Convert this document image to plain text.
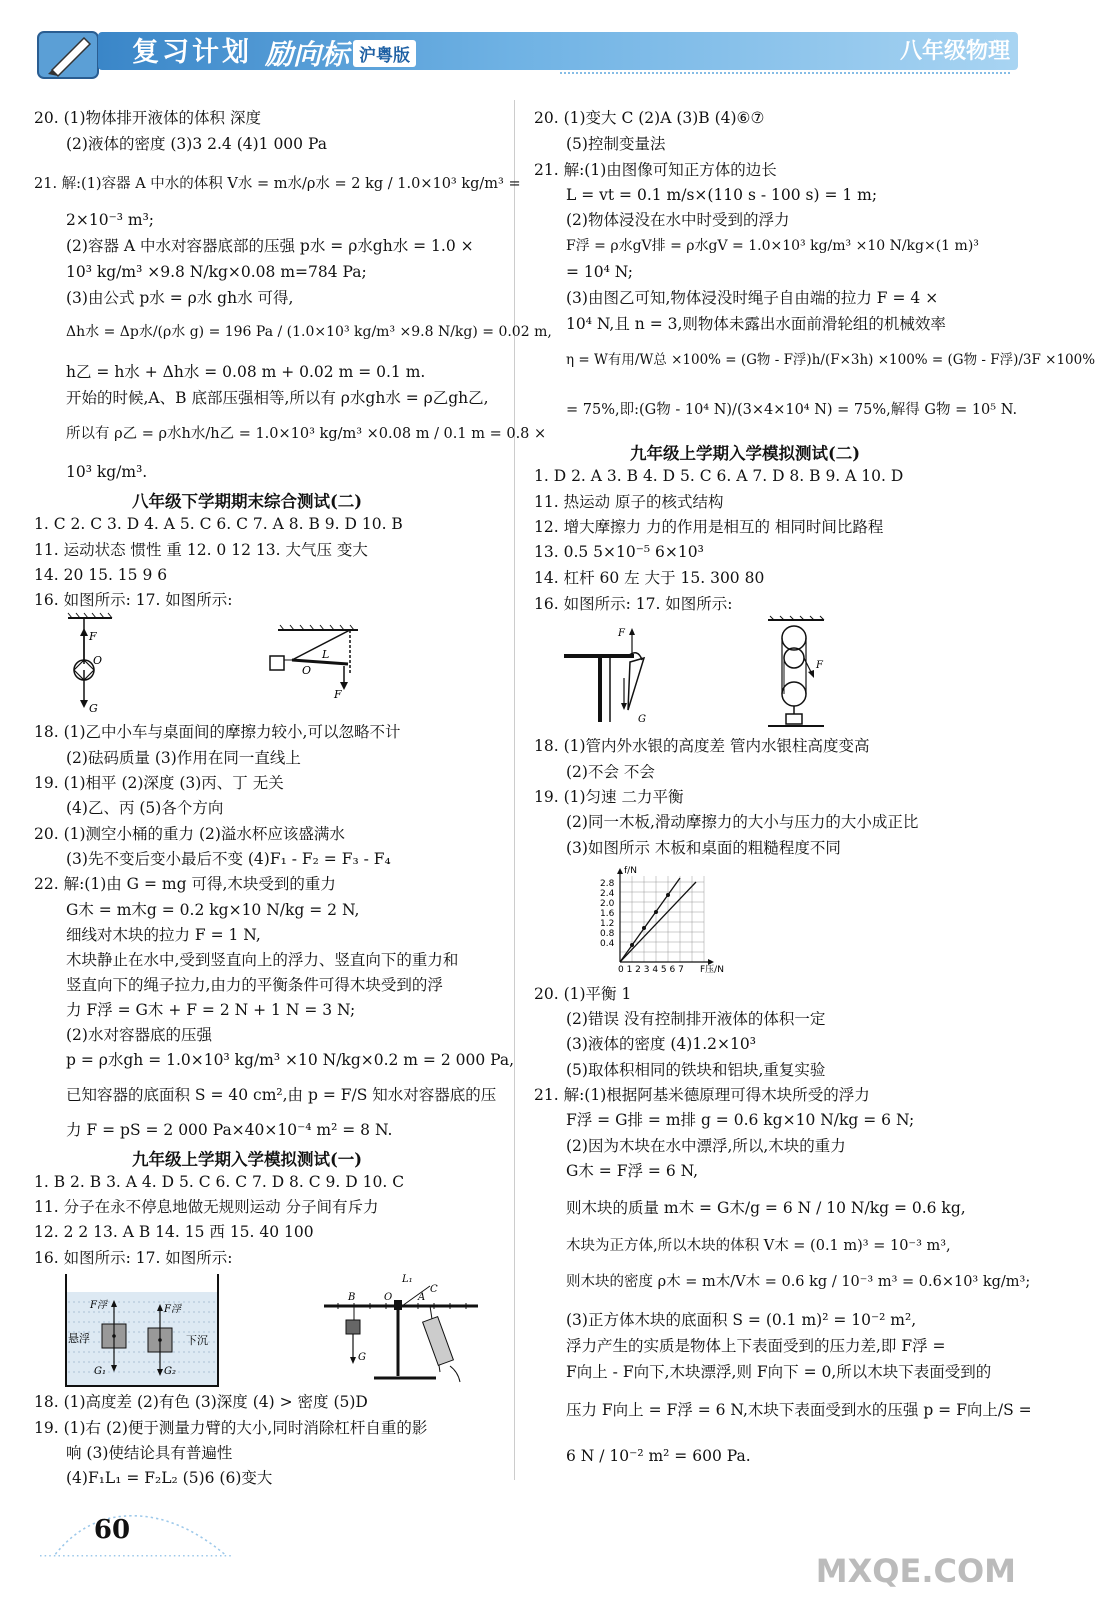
复习计划 励向标 沪粤版	八年级物理
20. (1)物体排开液体的体积 深度
(2)液体的密度 (3)3 2.4 (4)1 000 Pa
21. 解:(1)容器 A 中水的体积 V水 = m水/ρ水 = 2 kg / 1.0×10³ kg/m³ =
2×10⁻³ m³;
(2)容器 A 中水对容器底部的压强 p水 = ρ水gh水 = 1.0 ×
10³ kg/m³ ×9.8 N/kg×0.08 m=784 Pa;
(3)由公式 p水 = ρ水 gh水 可得,
Δh水 = Δp水/(ρ水 g) = 196 Pa / (1.0×10³ kg/m³ ×9.8 N/kg) = 0.02 m,
h乙 = h水 + Δh水 = 0.08 m + 0.02 m = 0.1 m.
开始的时候,A、B 底部压强相等,所以有 ρ水gh水 = ρ乙gh乙,
所以有 ρ乙 = ρ水h水/h乙 = 1.0×10³ kg/m³ ×0.08 m / 0.1 m = 0.8 ×
10³ kg/m³.
八年级下学期期末综合测试(二)
1. C 2. C 3. D 4. A 5. C 6. C 7. A 8. B 9. D 10. B
11. 运动状态 惯性 重 12. 0 12 13. 大气压 变大
14. 20 15. 15 9 6
16. 如图所示: 17. 如图所示:
F
O
G
L
O
F
18. (1)乙中小车与桌面间的摩擦力较小,可以忽略不计
(2)砝码质量 (3)作用在同一直线上
19. (1)相平 (2)深度 (3)丙、丁 无关
(4)乙、丙 (5)各个方向
20. (1)测空小桶的重力 (2)溢水杯应该盛满水
(3)先不变后变小最后不变 (4)F₁ - F₂ = F₃ - F₄
22. 解:(1)由 G = mg 可得,木块受到的重力
G木 = m木g = 0.2 kg×10 N/kg = 2 N,
细线对木块的拉力 F = 1 N,
木块静止在水中,受到竖直向上的浮力、竖直向下的重力和
竖直向下的绳子拉力,由力的平衡条件可得木块受到的浮
力 F浮 = G木 + F = 2 N + 1 N = 3 N;
(2)水对容器底的压强
p = ρ水gh = 1.0×10³ kg/m³ ×10 N/kg×0.2 m = 2 000 Pa,
已知容器的底面积 S = 40 cm²,由 p = F/S 知水对容器底的压
力 F = pS = 2 000 Pa×40×10⁻⁴ m² = 8 N.
九年级上学期入学模拟测试(一)
1. B 2. B 3. A 4. D 5. C 6. C 7. D 8. C 9. D 10. C
11. 分子在永不停息地做无规则运动 分子间有斥力
12. 2 2 13. A B 14. 15 西 15. 40 100
16. 如图所示: 17. 如图所示:
F浮	F浮
G₁	G₂
悬浮	下沉
L₁
C
B	O	A
G
18. (1)高度差 (2)有色 (3)深度 (4) > 密度 (5)D
19. (1)右 (2)便于测量力臂的大小,同时消除杠杆自重的影
响 (3)使结论具有普遍性
(4)F₁L₁ = F₂L₂ (5)6 (6)变大
20. (1)变大 C (2)A (3)B (4)⑥⑦
(5)控制变量法
21. 解:(1)由图像可知正方体的边长
L = vt = 0.1 m/s×(110 s - 100 s) = 1 m;
(2)物体浸没在水中时受到的浮力
F浮 = ρ水gV排 = ρ水gV = 1.0×10³ kg/m³ ×10 N/kg×(1 m)³
= 10⁴ N;
(3)由图乙可知,物体浸没时绳子自由端的拉力 F = 4 ×
10⁴ N,且 n = 3,则物体未露出水面前滑轮组的机械效率
η = W有用/W总 ×100% = (G物 - F浮)h/(F×3h) ×100% = (G物 - F浮)/3F ×100%
= 75%,即:(G物 - 10⁴ N)/(3×4×10⁴ N) = 75%,解得 G物 = 10⁵ N.
九年级上学期入学模拟测试(二)
1. D 2. A 3. B 4. D 5. C 6. A 7. D 8. B 9. A 10. D
11. 热运动 原子的核式结构
12. 增大摩擦力 力的作用是相互的 相同时间比路程
13. 0.5 5×10⁻⁵ 6×10³
14. 杠杆 60 左 大于 15. 300 80
16. 如图所示: 17. 如图所示:
F
G
F
18. (1)管内外水银的高度差 管内水银柱高度变高
(2)不会 不会
19. (1)匀速 二力平衡
(2)同一木板,滑动摩擦力的大小与压力的大小成正比
(3)如图所示 木板和桌面的粗糙程度不同
f/N
0.4
0.8
1.2
1.6
2.0
2.4
2.8
0 1 2 3 4 5 6 7 F压/N
20. (1)平衡 1
(2)错误 没有控制排开液体的体积一定
(3)液体的密度 (4)1.2×10³
(5)取体积相同的铁块和铝块,重复实验
21. 解:(1)根据阿基米德原理可得木块所受的浮力
F浮 = G排 = m排 g = 0.6 kg×10 N/kg = 6 N;
(2)因为木块在水中漂浮,所以,木块的重力
G木 = F浮 = 6 N,
则木块的质量 m木 = G木/g = 6 N / 10 N/kg = 0.6 kg,
木块为正方体,所以木块的体积 V木 = (0.1 m)³ = 10⁻³ m³,
则木块的密度 ρ木 = m木/V木 = 0.6 kg / 10⁻³ m³ = 0.6×10³ kg/m³;
(3)正方体木块的底面积 S = (0.1 m)² = 10⁻² m²,
浮力产生的实质是物体上下表面受到的压力差,即 F浮 =
F向上 - F向下,木块漂浮,则 F向下 = 0,所以木块下表面受到的
压力 F向上 = F浮 = 6 N,木块下表面受到水的压强 p = F向上/S =
6 N / 10⁻² m² = 600 Pa.
60
MXQE.COM
